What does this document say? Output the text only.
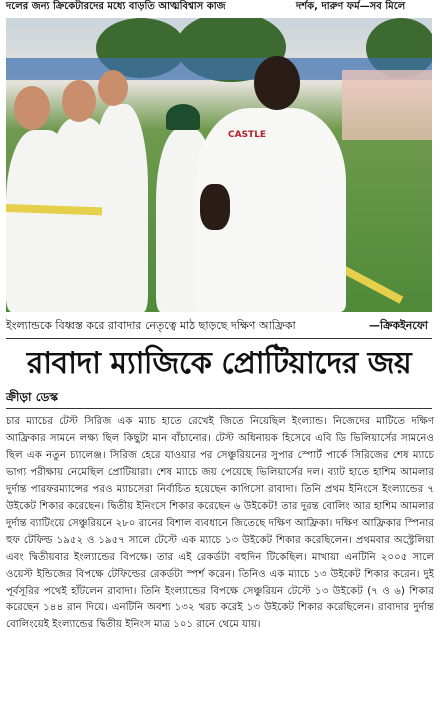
দলের জন্য ক্রিকেটারদের মধ্যে বাড়তি আত্মবিশ্বাস কাজ	দর্শক, দারুণ ফর্ম—সব মিলে
CASTLE
ইংল্যান্ডকে বিধ্বস্ত করে রাবাদার নেতৃত্বে মাঠ ছাড়ছে দক্ষিণ আফ্রিকা	—ক্রিকইনফো
রাবাদা ম্যাজিকে প্রোটিয়াদের জয়
ক্রীড়া ডেস্ক

চার ম্যাচের টেস্ট সিরিজ এক ম্যাচ হাতে রেখেই জিতে নিয়েছিল ইংল্যান্ড। নিজেদের মাটিতে দক্ষিণ আফ্রিকার সামনে লক্ষ্য ছিল কিছুটা মান বাঁচানোর। টেস্ট অধিনায়ক হিসেবে এবি ডি ভিলিয়ার্সের সামনেও ছিল এক নতুন চ্যালেঞ্জ। সিরিজ হেরে যাওয়ার পর সেঞ্চুরিয়নের সুপার স্পোর্ট পার্কে সিরিজের শেষ ম্যাচে ভাগ্য পরীক্ষায় নেমেছিল প্রোটিয়ারা। শেষ ম্যাচে জয় পেয়েছে ভিলিয়ার্সের দল। ব্যাট হাতে হাশিম আমলার দুর্দান্ত পারফরম্যান্সের পরও ম্যাচসেরা নির্বাচিত হয়েছেন কাগিসো রাবাদা। তিনি প্রথম ইনিংসে ইংল্যান্ডের ৭ উইকেট শিকার করেছেন। দ্বিতীয় ইনিংসে শিকার করেছেন ৬ উইকেট! তার দুরন্ত বোলিং আর হাশিম আমলার দুর্দান্ত ব্যাটিংয়ে সেঞ্চুরিয়নে ২৮০ রানের বিশাল ব্যবধানে জিতেছে দক্ষিণ আফ্রিকা। দক্ষিণ আফ্রিকার স্পিনার হুফ টেফিল্ড ১৯৫২ ও ১৯৫৭ সালে টেস্টে এক ম্যাচে ১৩ উইকেট শিকার করেছিলেন। প্রথমবার অস্ট্রেলিয়া এবং দ্বিতীয়বার ইংল্যান্ডের বিপক্ষে। তার এই রেকর্ডটা বহুদিন টিকেছিল। মাখায়া এনটিনি ২০০৫ সালে ওয়েস্ট ইন্ডিজের বিপক্ষে টেফিল্ডের রেকর্ডটা স্পর্শ করেন। তিনিও এক ম্যাচে ১৩ উইকেট শিকার করেন। দুই পূর্বসূরির পথেই হাঁটলেন রাবাদা। তিনি ইংল্যান্ডের বিপক্ষে সেঞ্চুরিয়ন টেস্টে ১৩ উইকেট (৭ ও ৬) শিকার করেছেন ১৪৪ রান দিয়ে। এনটিনি অবশ্য ১৩২ খরচ করেই ১৩ উইকেট শিকার করেছিলেন। রাবাদার দুর্দান্ত বোলিংয়েই ইংল্যান্ডের দ্বিতীয় ইনিংস মাত্র ১০১ রানে থেমে যায়।
